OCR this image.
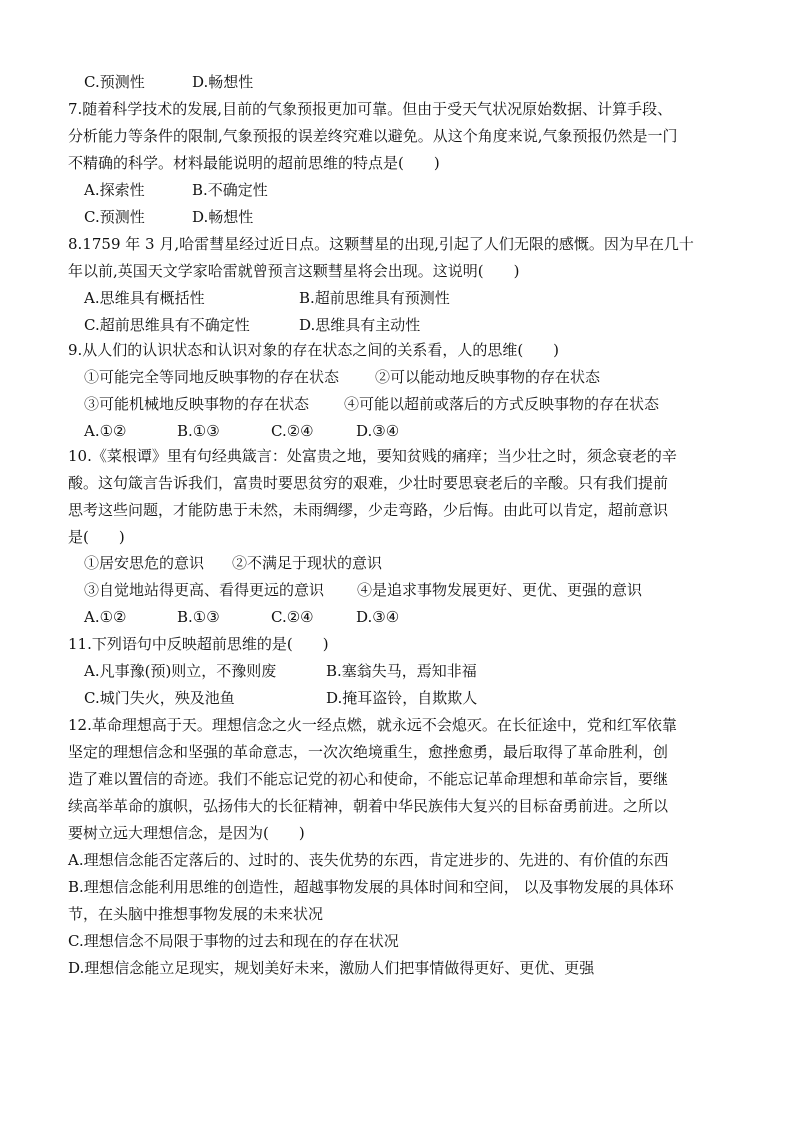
C.预测性	D.畅想性
7.随着科学技术的发展,目前的气象预报更加可靠。但由于受天气状况原始数据、计算手段、
分析能力等条件的限制,气象预报的误差终究难以避免。从这个角度来说,气象预报仍然是一门
不精确的科学。材料最能说明的超前思维的特点是(　　)
A.探索性	B.不确定性
C.预测性	D.畅想性
8.1759 年 3 月,哈雷彗星经过近日点。这颗彗星的出现,引起了人们无限的感慨。因为早在几十
年以前,英国天文学家哈雷就曾预言这颗彗星将会出现。这说明(　　)
A.思维具有概括性	B.超前思维具有预测性
C.超前思维具有不确定性	D.思维具有主动性
9.从人们的认识状态和认识对象的存在状态之间的关系看，人的思维(　　)
①可能完全等同地反映事物的存在状态 ②可以能动地反映事物的存在状态
③可能机械地反映事物的存在状态 ④可能以超前或落后的方式反映事物的存在状态
A.①②	B.①③	C.②④	D.③④
10.《菜根谭》里有句经典箴言：处富贵之地，要知贫贱的痛痒；当少壮之时，须念衰老的辛
酸。这句箴言告诉我们，富贵时要思贫穷的艰难，少壮时要思衰老后的辛酸。只有我们提前
思考这些问题，才能防患于未然，未雨绸缪，少走弯路，少后悔。由此可以肯定，超前意识
是(　　)
①居安思危的意识 ②不满足于现状的意识
③自觉地站得更高、看得更远的意识 ④是追求事物发展更好、更优、更强的意识
A.①②	B.①③	C.②④	D.③④
11.下列语句中反映超前思维的是(　　)
A.凡事豫(预)则立，不豫则废	B.塞翁失马，焉知非福
C.城门失火，殃及池鱼	D.掩耳盗铃，自欺欺人
12.革命理想高于天。理想信念之火一经点燃，就永远不会熄灭。在长征途中，党和红军依靠
坚定的理想信念和坚强的革命意志，一次次绝境重生，愈挫愈勇，最后取得了革命胜利，创
造了难以置信的奇迹。我们不能忘记党的初心和使命，不能忘记革命理想和革命宗旨，要继
续高举革命的旗帜，弘扬伟大的长征精神，朝着中华民族伟大复兴的目标奋勇前进。之所以
要树立远大理想信念，是因为(　　)
A.理想信念能否定落后的、过时的、丧失优势的东西，肯定进步的、先进的、有价值的东西
B.理想信念能利用思维的创造性，超越事物发展的具体时间和空间， 以及事物发展的具体环
节，在头脑中推想事物发展的未来状况
C.理想信念不局限于事物的过去和现在的存在状况
D.理想信念能立足现实，规划美好未来，激励人们把事情做得更好、更优、更强
